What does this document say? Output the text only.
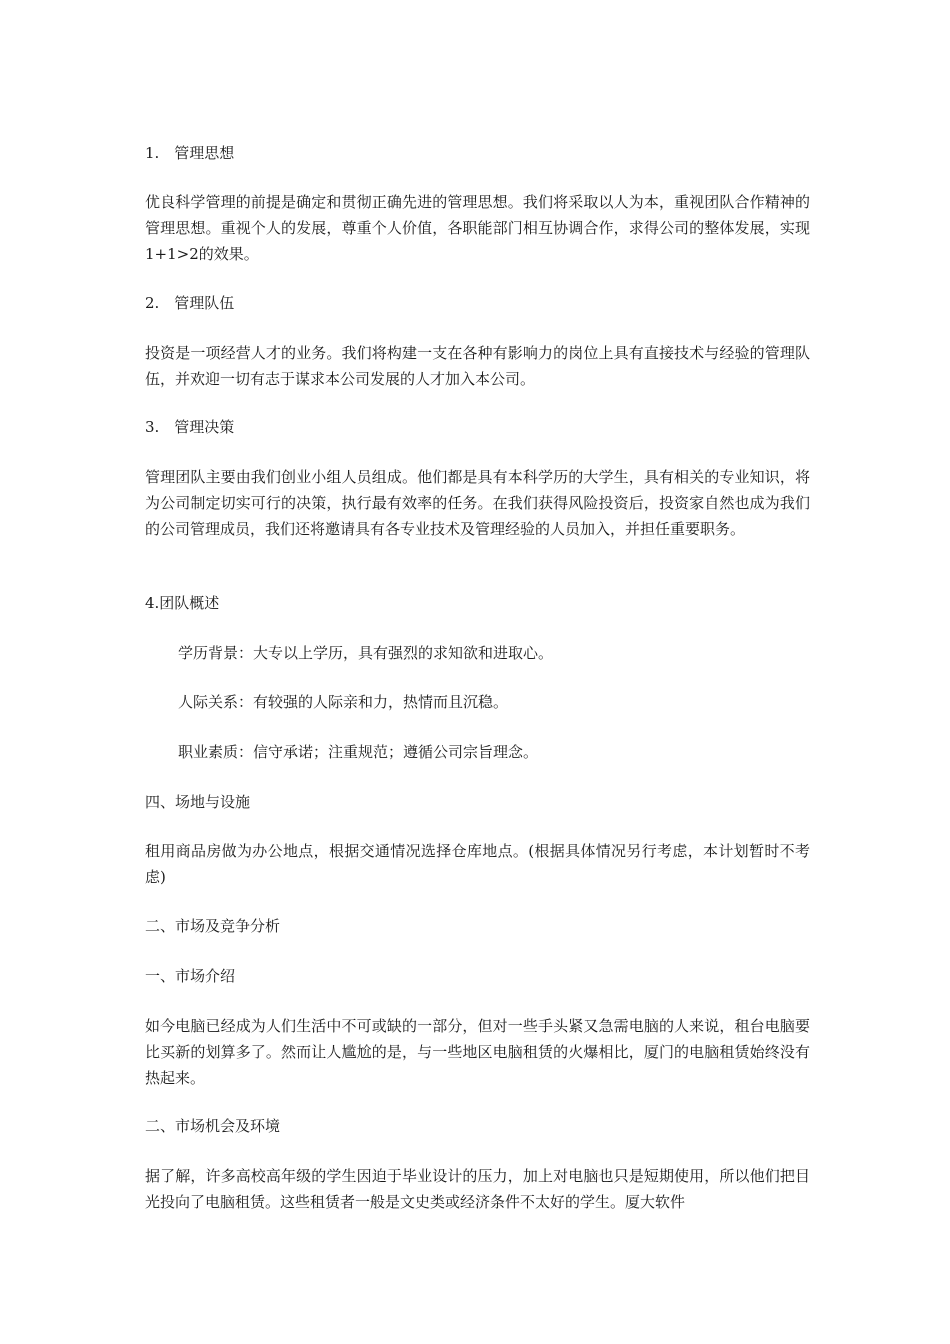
1.　管理思想

优良科学管理的前提是确定和贯彻正确先进的管理思想。我们将采取以人为本，重视团队合作精神的管理思想。重视个人的发展，尊重个人价值，各职能部门相互协调合作，求得公司的整体发展，实现1+1>2的效果。

2.　管理队伍

投资是一项经营人才的业务。我们将构建一支在各种有影响力的岗位上具有直接技术与经验的管理队伍，并欢迎一切有志于谋求本公司发展的人才加入本公司。

3.　管理决策

管理团队主要由我们创业小组人员组成。他们都是具有本科学历的大学生，具有相关的专业知识，将为公司制定切实可行的决策，执行最有效率的任务。在我们获得风险投资后，投资家自然也成为我们的公司管理成员，我们还将邀请具有各专业技术及管理经验的人员加入，并担任重要职务。

4.团队概述

学历背景：大专以上学历，具有强烈的求知欲和进取心。

人际关系：有较强的人际亲和力，热情而且沉稳。

职业素质：信守承诺；注重规范；遵循公司宗旨理念。

四、场地与设施

租用商品房做为办公地点，根据交通情况选择仓库地点。(根据具体情况另行考虑，本计划暂时不考虑)

二、市场及竞争分析

一、市场介绍

如今电脑已经成为人们生活中不可或缺的一部分，但对一些手头紧又急需电脑的人来说，租台电脑要比买新的划算多了。然而让人尴尬的是，与一些地区电脑租赁的火爆相比，厦门的电脑租赁始终没有热起来。

二、市场机会及环境

据了解，许多高校高年级的学生因迫于毕业设计的压力，加上对电脑也只是短期使用，所以他们把目光投向了电脑租赁。这些租赁者一般是文史类或经济条件不太好的学生。厦大软件
